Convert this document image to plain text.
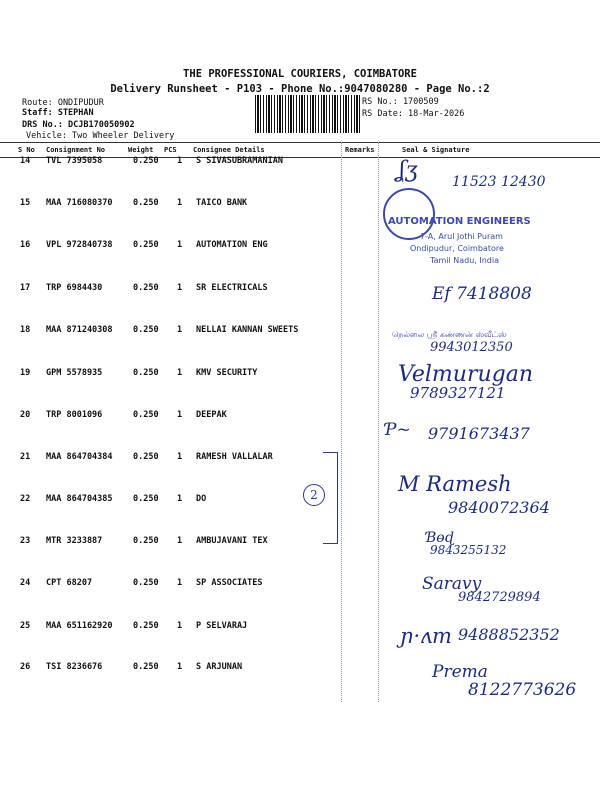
THE PROFESSIONAL COURIERS, COIMBATORE
Delivery Runsheet - P103 - Phone No.:9047080280 - Page No.:2
Route: ONDIPUDUR
Staff: STEPHAN
DRS No.: DCJB170050902
Vehicle: Two Wheeler Delivery
RS No.: 1700509
RS Date: 18-Mar-2026
S No Consignment No	Weight PCS Consignee Details	Remarks	Seal & Signature
14 TVL 7395058	0.250 1 S SIVASUBRAMANIAN
15 MAA 716080370 0.250 1 TAICO BANK
16 VPL 972840738 0.250 1 AUTOMATION ENG
17 TRP 6984430	0.250 1 SR ELECTRICALS
18 MAA 871240308 0.250 1 NELLAI KANNAN SWEETS
19 GPM 5578935	0.250 1 KMV SECURITY
20 TRP 8001096	0.250 1 DEEPAK
21 MAA 864704384 0.250 1 RAMESH VALLALAR
22 MAA 864704385 0.250 1 DO
23 MTR 3233887	0.250 1 AMBUJAVANI TEX
24 CPT 68207	0.250 1 SP ASSOCIATES
25 MAA 651162920 0.250 1 P SELVARAJ
26 TSI 8236676	0.250 1 S ARJUNAN
ʆʒ 11523 12430
AUTOMATION ENGINEERS
7-A, Arul Jothi Puram
Ondipudur, Coimbatore
Tamil Nadu, India
Ef 7418808
நெல்லை ஸ்ரீ கண்ணன் ஸ்வீட்ஸ்
9943012350
Velmurugan
9789327121
Ƥ~ 9791673437
2	M Ramesh
9840072364
Ɓɵɖ
9843255132
Saravy
9842729894
ɲ·ʌm 9488852352
Prema
8122773626
